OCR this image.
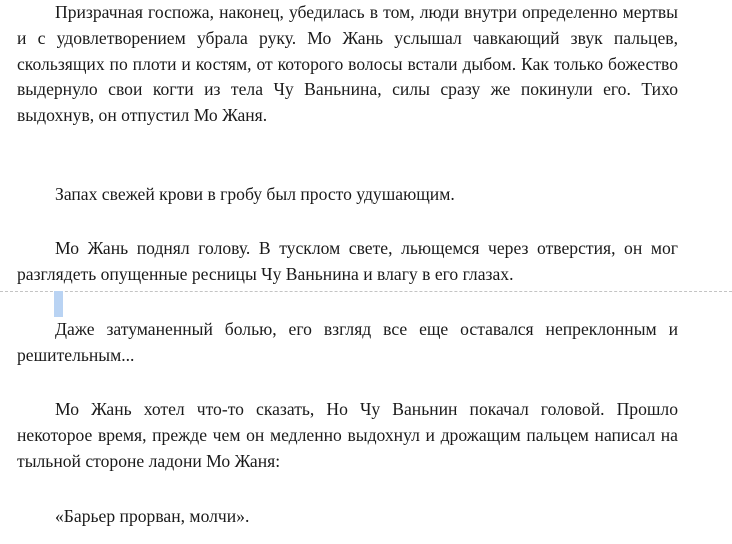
Призрачная госпожа, наконец, убедилась в том, люди внутри определенно мертвы и с удовлетворением убрала руку. Мо Жань услышал чавкающий звук пальцев, скользящих по плоти и костям, от которого волосы встали дыбом. Как только божество выдернуло свои когти из тела Чу Ваньнина, силы сразу же покинули его. Тихо выдохнув, он отпустил Мо Жаня.

Запах свежей крови в гробу был просто удушающим.

Мо Жань поднял голову. В тусклом свете, льющемся через отверстия, он мог разглядеть опущенные ресницы Чу Ваньнина и влагу в его глазах.

Даже затуманенный болью, его взгляд все еще оставался непреклонным и решительным...

Мо Жань хотел что-то сказать, Но Чу Ваньнин покачал головой. Прошло некоторое время, прежде чем он медленно выдохнул и дрожащим пальцем написал на тыльной стороне ладони Мо Жаня:

«Барьер прорван, молчи».
